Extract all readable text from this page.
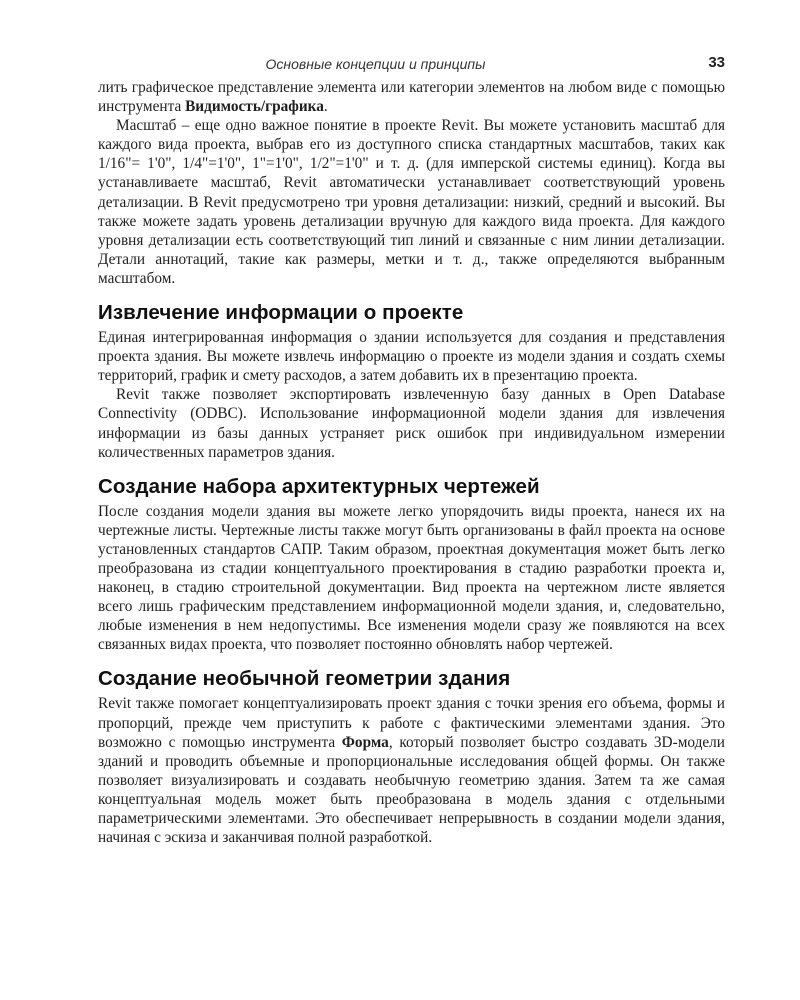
Основные концепции и принципы	33

лить графическое представление элемента или категории элементов на любом виде с помощью инструмента Видимость/графика.

Масштаб – еще одно важное понятие в проекте Revit. Вы можете установить масштаб для каждого вида проекта, выбрав его из доступного списка стандартных масштабов, таких как 1/16"= 1'0", 1/4"=1'0", 1"=1'0", 1/2"=1'0" и т. д. (для имперской системы единиц). Когда вы устанавливаете масштаб, Revit автоматически устанавливает соответствующий уровень детализации. В Revit предусмотрено три уровня детализации: низкий, средний и высокий. Вы также можете задать уровень детализации вручную для каждого вида проекта. Для каждого уровня детализации есть соответствующий тип линий и связанные с ним линии детализации. Детали аннотаций, такие как размеры, метки и т. д., также определяются выбранным масштабом.

Извлечение информации о проекте

Единая интегрированная информация о здании используется для создания и представления проекта здания. Вы можете извлечь информацию о проекте из модели здания и создать схемы территорий, график и смету расходов, а затем добавить их в презентацию проекта.

Revit также позволяет экспортировать извлеченную базу данных в Open Database Connectivity (ODBC). Использование информационной модели здания для извлечения информации из базы данных устраняет риск ошибок при индивидуальном измерении количественных параметров здания.

Создание набора архитектурных чертежей

После создания модели здания вы можете легко упорядочить виды проекта, нанеся их на чертежные листы. Чертежные листы также могут быть организованы в файл проекта на основе установленных стандартов САПР. Таким образом, проектная документация может быть легко преобразована из стадии концептуального проектирования в стадию разработки проекта и, наконец, в стадию строительной документации. Вид проекта на чертежном листе является всего лишь графическим представлением информационной модели здания, и, следовательно, любые изменения в нем недопустимы. Все изменения модели сразу же появляются на всех связанных видах проекта, что позволяет постоянно обновлять набор чертежей.

Создание необычной геометрии здания

Revit также помогает концептуализировать проект здания с точки зрения его объема, формы и пропорций, прежде чем приступить к работе с фактическими элементами здания. Это возможно с помощью инструмента Форма, который позволяет быстро создавать 3D-модели зданий и проводить объемные и пропорциональные исследования общей формы. Он также позволяет визуализировать и создавать необычную геометрию здания. Затем та же самая концептуальная модель может быть преобразована в модель здания с отдельными параметрическими элементами. Это обеспечивает непрерывность в создании модели здания, начиная с эскиза и заканчивая полной разработкой.
